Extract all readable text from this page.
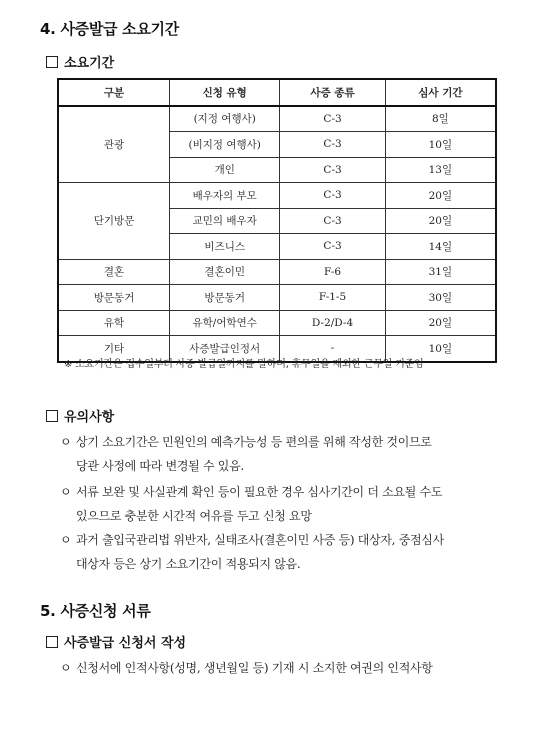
4. 사증발급 소요기간
소요기간
구분	신청 유형	사증 종류	심사 기간
관광	(지정 여행사)	C-3	8일
	(비지정 여행사)	C-3	10일
	개인	C-3	13일
단기방문	배우자의 부모	C-3	20일
	교민의 배우자	C-3	20일
	비즈니스	C-3	14일
결혼	결혼이민	F-6	31일
방문동거	방문동거	F-1-5	30일
유학	유학/어학연수	D-2/D-4	20일
기타	사증발급인정서	-	10일
※ 소요기간은 접수일부터 사증 발급일까지를 말하며, 휴무일을 제외한 근무일 기준임
유의사항
ㅇ 상기 소요기간은 민원인의 예측가능성 등 편의를 위해 작성한 것이므로
당관 사정에 따라 변경될 수 있음.
ㅇ 서류 보완 및 사실관계 확인 등이 필요한 경우 심사기간이 더 소요될 수도
있으므로 충분한 시간적 여유를 두고 신청 요망
ㅇ 과거 출입국관리법 위반자, 실태조사(결혼이민 사증 등) 대상자, 중점심사
대상자 등은 상기 소요기간이 적용되지 않음.
5. 사증신청 서류
사증발급 신청서 작성
ㅇ 신청서에 인적사항(성명, 생년월일 등) 기재 시 소지한 여권의 인적사항
